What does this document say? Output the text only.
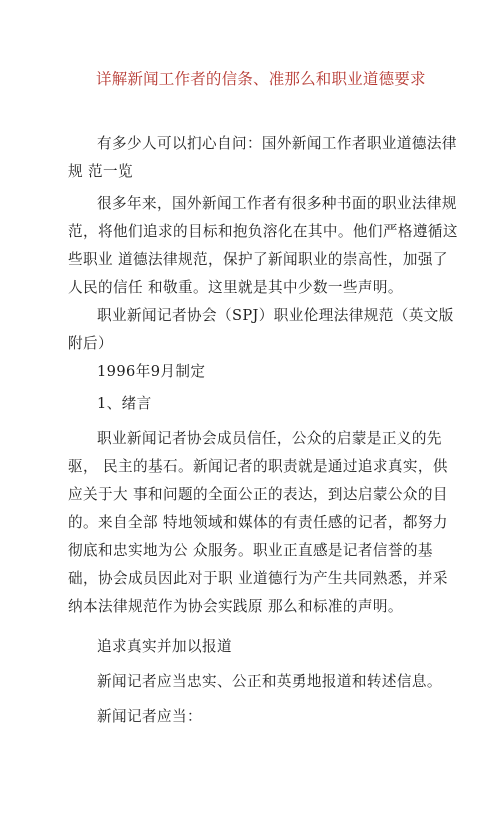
详解新闻工作者的信条、准那么和职业道德要求

有多少人可以扪心自问：国外新闻工作者职业道德法律规 范一览

很多年来，国外新闻工作者有很多种书面的职业法律规范，将他们追求的目标和抱负溶化在其中。他们严格遵循这些职业 道德法律规范，保护了新闻职业的崇高性，加强了人民的信任 和敬重。这里就是其中少数一些声明。

职业新闻记者协会（SPJ）职业伦理法律规范（英文版附后）

1996年9月制定

1、绪言

职业新闻记者协会成员信任，公众的启蒙是正义的先驱， 民主的基石。新闻记者的职责就是通过追求真实，供应关于大 事和问题的全面公正的表达，到达启蒙公众的目的。来自全部 特地领域和媒体的有责任感的记者，都努力彻底和忠实地为公 众服务。职业正直感是记者信誉的基础，协会成员因此对于职 业道德行为产生共同熟悉，并采纳本法律规范作为协会实践原 那么和标准的声明。

追求真实并加以报道

新闻记者应当忠实、公正和英勇地报道和转述信息。

新闻记者应当：
